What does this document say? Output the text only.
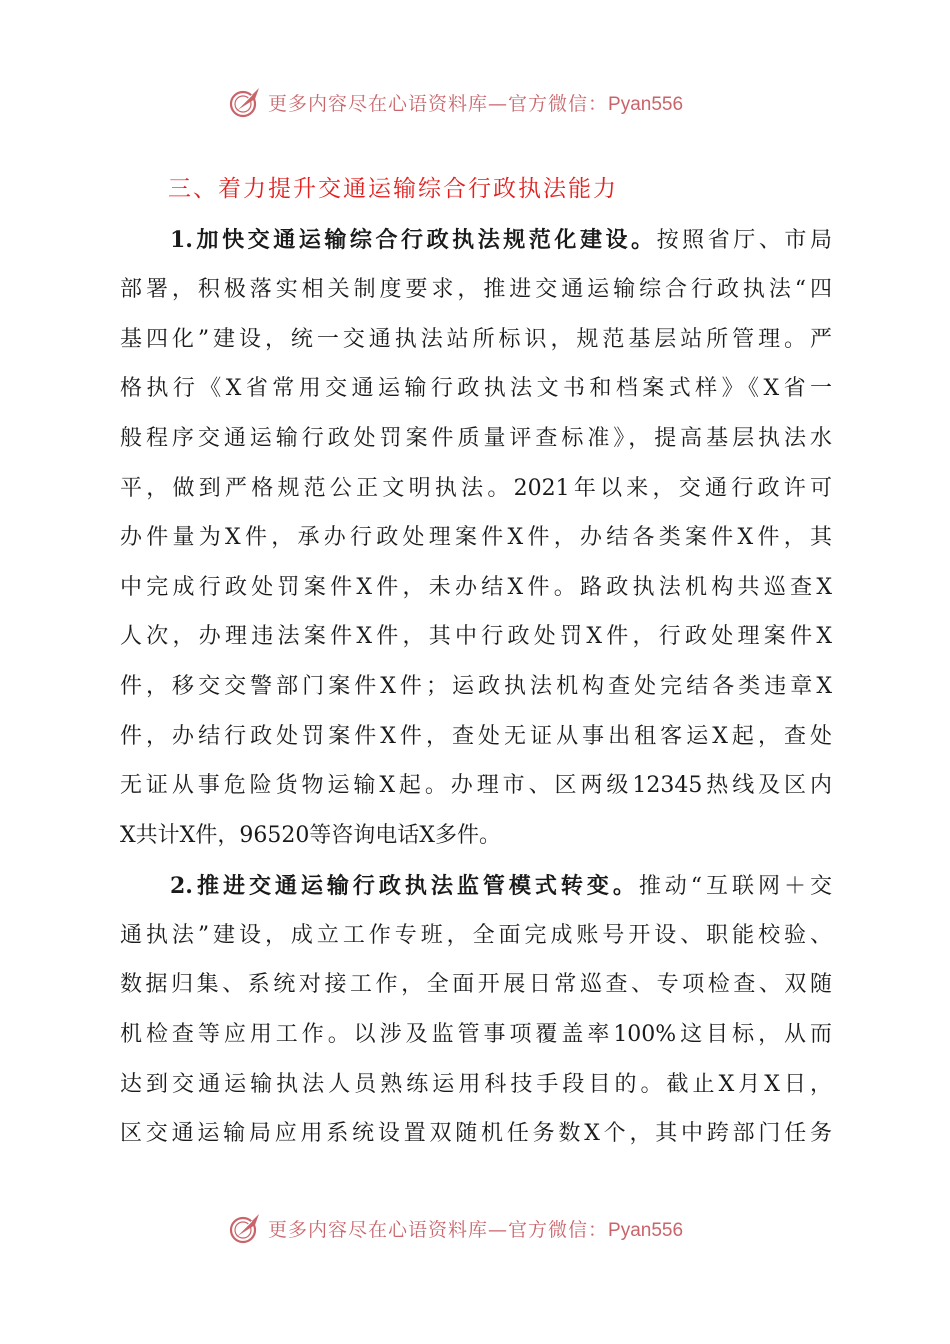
更多内容尽在心语资料库—官方微信：Pyan556
三、着力提升交通运输综合行政执法能力
1.加快交通运输综合行政执法规范化建设。按照省厅、市局
部署，积极落实相关制度要求，推进交通运输综合行政执法“四
基四化”建设，统一交通执法站所标识，规范基层站所管理。严
格执行《X省常用交通运输行政执法文书和档案式样》《X省一
般程序交通运输行政处罚案件质量评查标准》，提高基层执法水
平，做到严格规范公正文明执法。2021年以来，交通行政许可
办件量为X件，承办行政处理案件X件，办结各类案件X件，其
中完成行政处罚案件X件，未办结X件。路政执法机构共巡查X
人次，办理违法案件X件，其中行政处罚X件，行政处理案件X
件，移交交警部门案件X件；运政执法机构查处完结各类违章X
件，办结行政处罚案件X件，查处无证从事出租客运X起，查处
无证从事危险货物运输X起。办理市、区两级12345热线及区内
X共计X件，96520等咨询电话X多件。
2.推进交通运输行政执法监管模式转变。推动“互联网＋交
通执法”建设，成立工作专班，全面完成账号开设、职能校验、
数据归集、系统对接工作，全面开展日常巡查、专项检查、双随
机检查等应用工作。以涉及监管事项覆盖率100%这目标，从而
达到交通运输执法人员熟练运用科技手段目的。截止X月X日，
区交通运输局应用系统设置双随机任务数X个，其中跨部门任务
更多内容尽在心语资料库—官方微信：Pyan556
